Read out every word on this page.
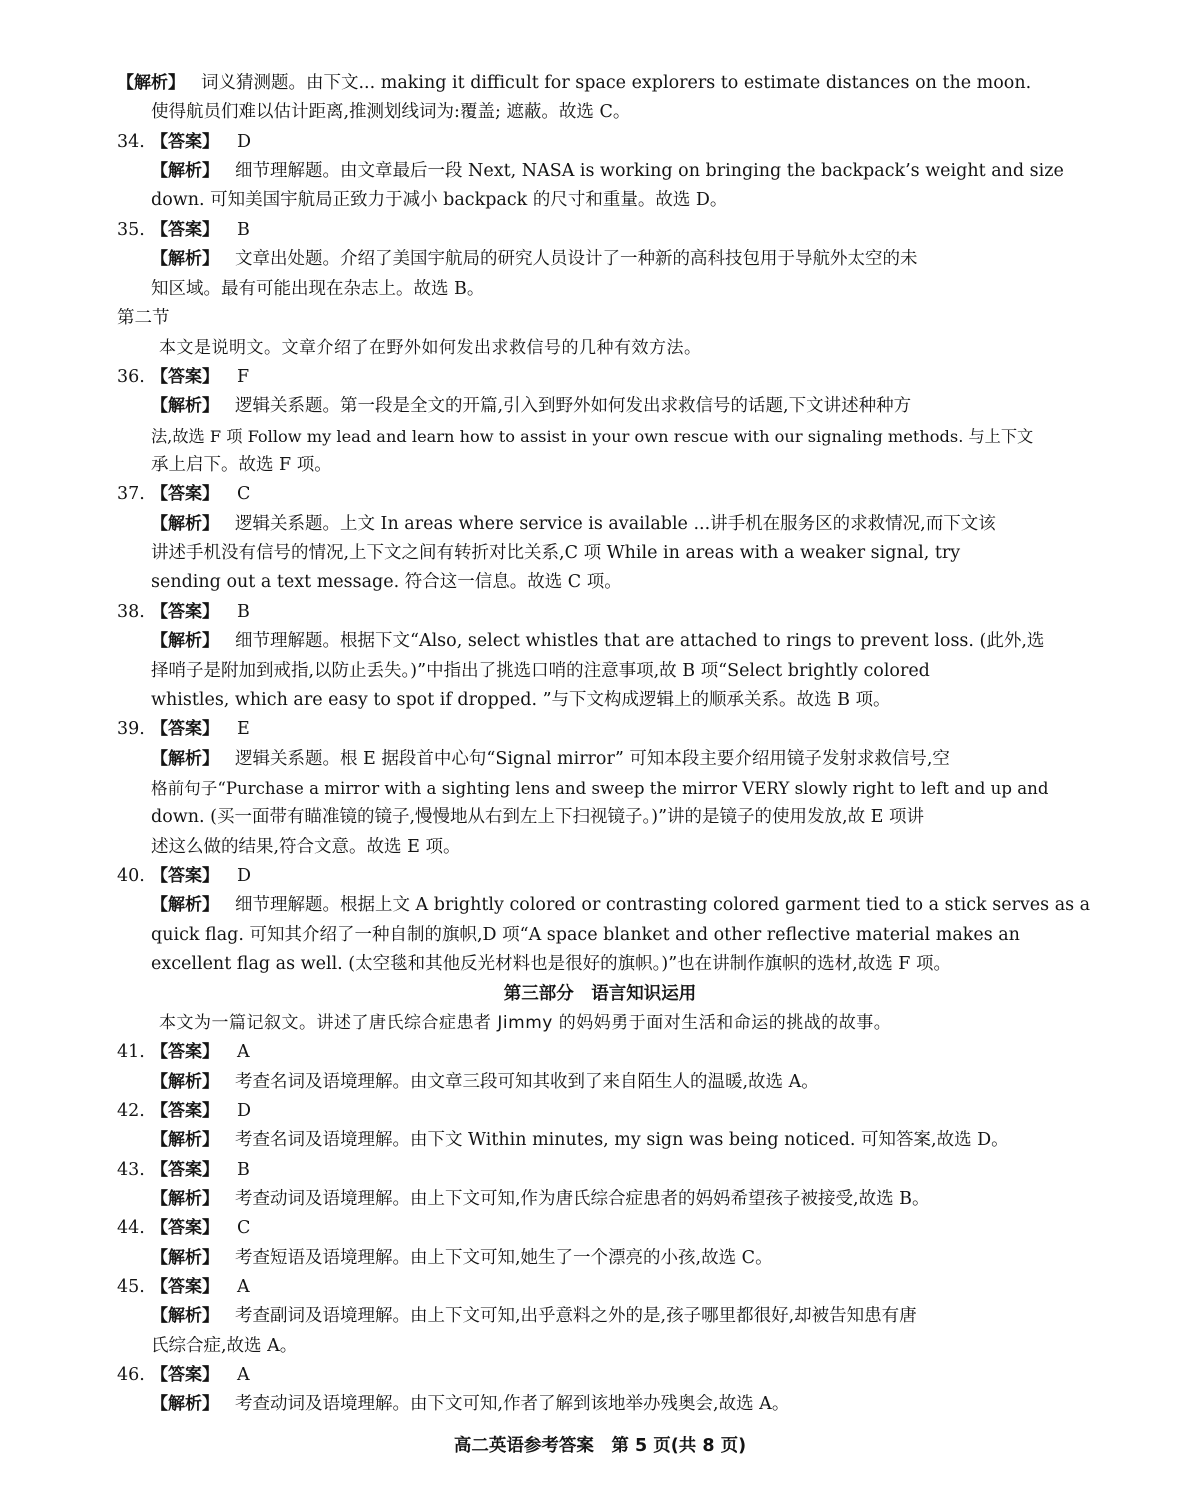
【解析】 词义猜测题。由下文... making it difficult for space explorers to estimate distances on the moon.
使得航员们难以估计距离,推测划线词为:覆盖; 遮蔽。故选 C。
34. 【答案】 D
【解析】 细节理解题。由文章最后一段 Next, NASA is working on bringing the backpack’s weight and size
down. 可知美国宇航局正致力于减小 backpack 的尺寸和重量。故选 D。
35. 【答案】 B
【解析】 文章出处题。介绍了美国宇航局的研究人员设计了一种新的高科技包用于导航外太空的未
知区域。最有可能出现在杂志上。故选 B。
第二节
本文是说明文。文章介绍了在野外如何发出求救信号的几种有效方法。
36. 【答案】 F
【解析】 逻辑关系题。第一段是全文的开篇,引入到野外如何发出求救信号的话题,下文讲述种种方
法,故选 F 项 Follow my lead and learn how to assist in your own rescue with our signaling methods. 与上下文
承上启下。故选 F 项。
37. 【答案】 C
【解析】 逻辑关系题。上文 In areas where service is available ...讲手机在服务区的求救情况,而下文该
讲述手机没有信号的情况,上下文之间有转折对比关系,C 项 While in areas with a weaker signal, try
sending out a text message. 符合这一信息。故选 C 项。
38. 【答案】 B
【解析】 细节理解题。根据下文“Also, select whistles that are attached to rings to prevent loss. (此外,选
择哨子是附加到戒指,以防止丢失。)”中指出了挑选口哨的注意事项,故 B 项“Select brightly colored
whistles, which are easy to spot if dropped. ”与下文构成逻辑上的顺承关系。故选 B 项。
39. 【答案】 E
【解析】 逻辑关系题。根 E 据段首中心句“Signal mirror” 可知本段主要介绍用镜子发射求救信号,空
格前句子“Purchase a mirror with a sighting lens and sweep the mirror VERY slowly right to left and up and
down. (买一面带有瞄准镜的镜子,慢慢地从右到左上下扫视镜子。)”讲的是镜子的使用发放,故 E 项讲
述这么做的结果,符合文意。故选 E 项。
40. 【答案】 D
【解析】 细节理解题。根据上文 A brightly colored or contrasting colored garment tied to a stick serves as a
quick flag. 可知其介绍了一种自制的旗帜,D 项“A space blanket and other reflective material makes an
excellent flag as well. (太空毯和其他反光材料也是很好的旗帜。)”也在讲制作旗帜的选材,故选 F 项。
第三部分　语言知识运用
本文为一篇记叙文。讲述了唐氏综合症患者 Jimmy 的妈妈勇于面对生活和命运的挑战的故事。
41. 【答案】 A
【解析】 考查名词及语境理解。由文章三段可知其收到了来自陌生人的温暖,故选 A。
42. 【答案】 D
【解析】 考查名词及语境理解。由下文 Within minutes, my sign was being noticed. 可知答案,故选 D。
43. 【答案】 B
【解析】 考查动词及语境理解。由上下文可知,作为唐氏综合症患者的妈妈希望孩子被接受,故选 B。
44. 【答案】 C
【解析】 考查短语及语境理解。由上下文可知,她生了一个漂亮的小孩,故选 C。
45. 【答案】 A
【解析】 考查副词及语境理解。由上下文可知,出乎意料之外的是,孩子哪里都很好,却被告知患有唐
氏综合症,故选 A。
46. 【答案】 A
【解析】 考查动词及语境理解。由下文可知,作者了解到该地举办残奥会,故选 A。
高二英语参考答案　第 5 页(共 8 页)
